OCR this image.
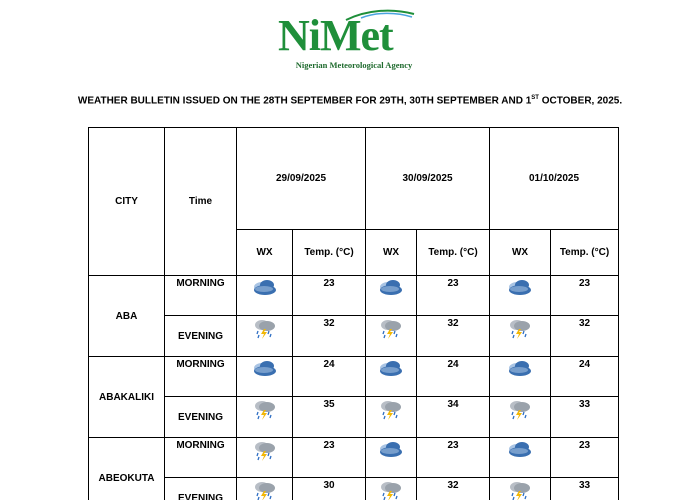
NiMet
Nigerian Meteorological Agency
WEATHER BULLETIN ISSUED ON THE 28TH SEPTEMBER FOR 29TH, 30TH SEPTEMBER AND 1ST OCTOBER, 2025.
CITY	Time	29/09/2025		30/09/2025		01/10/2025	
		WX	Temp. (°C)	WX	Temp. (°C)	WX	Temp. (°C)
ABA	MORNING		23		23		23
	EVENING		32		32		32
ABAKALIKI	MORNING		24		24		24
	EVENING		35		34		33
ABEOKUTA	MORNING		23		23		23
	EVENING		30		32		33
